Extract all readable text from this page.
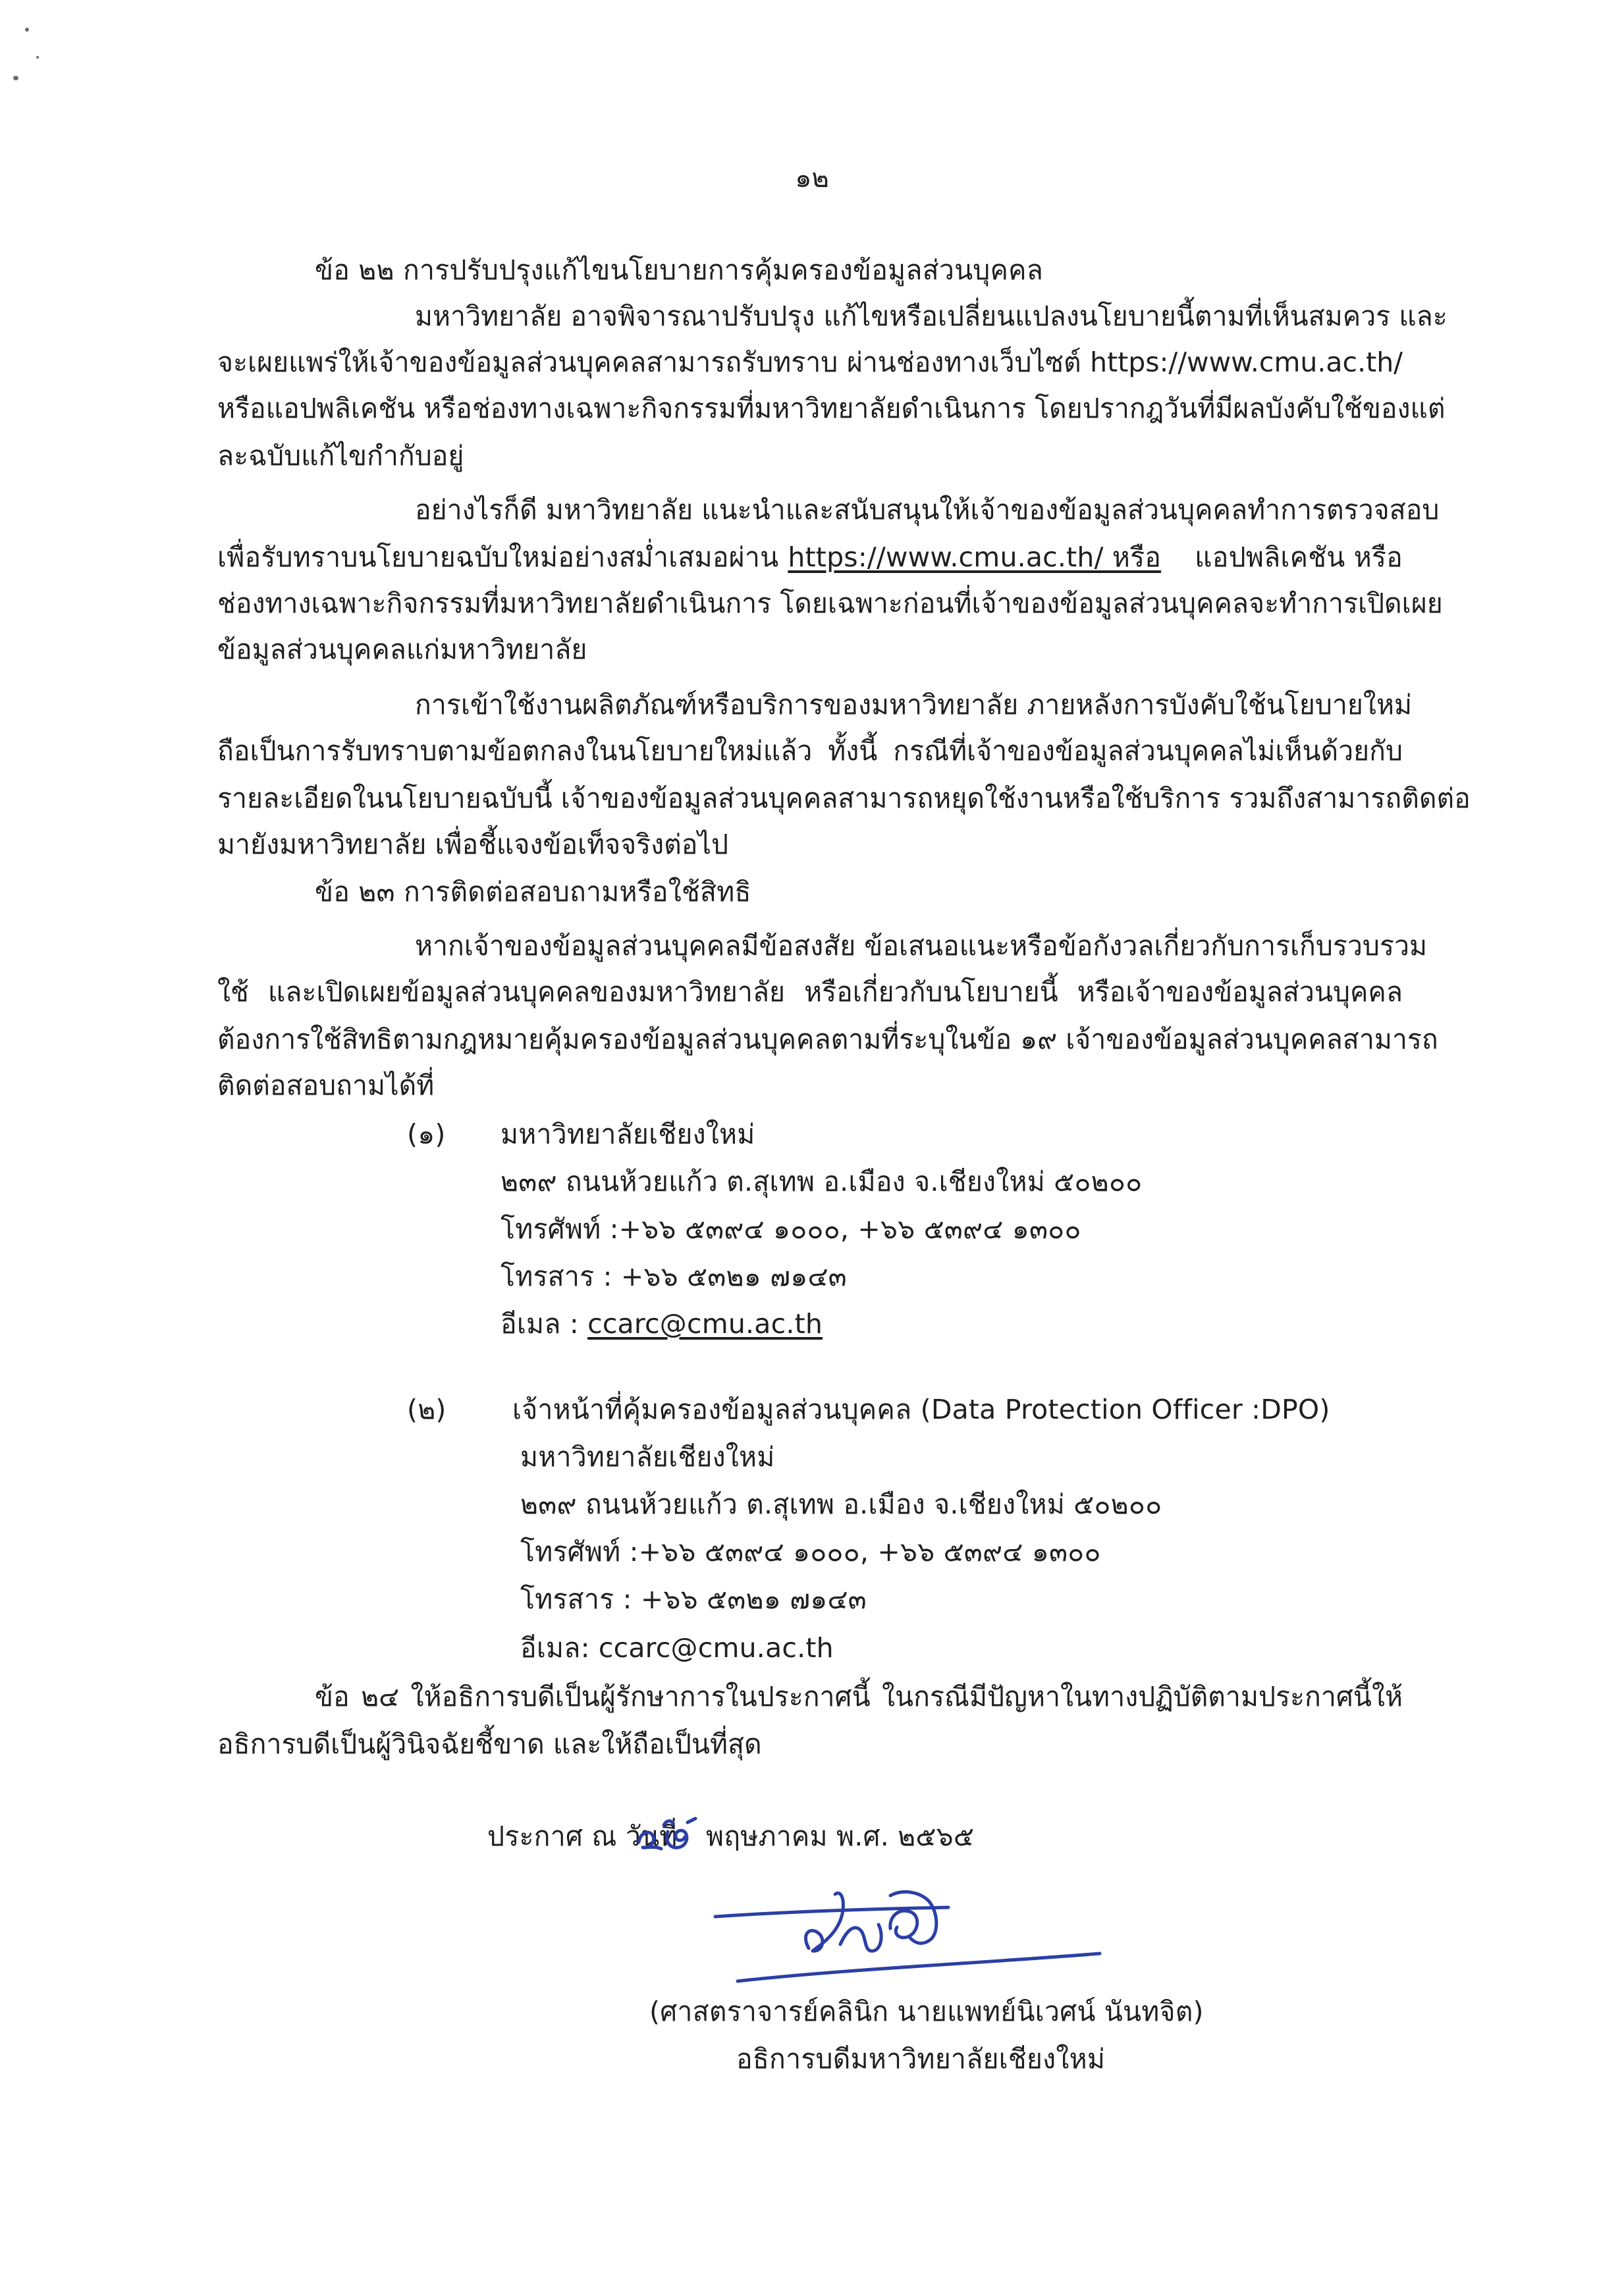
๑๒
ข้อ ๒๒ การปรับปรุงแก้ไขนโยบายการคุ้มครองข้อมูลส่วนบุคคล
มหาวิทยาลัย อาจพิจารณาปรับปรุง แก้ไขหรือเปลี่ยนแปลงนโยบายนี้ตามที่เห็นสมควร และ
จะเผยแพร่ให้เจ้าของข้อมูลส่วนบุคคลสามารถรับทราบ ผ่านช่องทางเว็บไซต์ https://www.cmu.ac.th/
หรือแอปพลิเคชัน หรือช่องทางเฉพาะกิจกรรมที่มหาวิทยาลัยดำเนินการ โดยปรากฎวันที่มีผลบังคับใช้ของแต่
ละฉบับแก้ไขกำกับอยู่
อย่างไรก็ดี มหาวิทยาลัย แนะนำและสนับสนุนให้เจ้าของข้อมูลส่วนบุคคลทำการตรวจสอบ
เพื่อรับทราบนโยบายฉบับใหม่อย่างสม่ำเสมอผ่าน https://www.cmu.ac.th/ หรือ แอปพลิเคชัน หรือ
ช่องทางเฉพาะกิจกรรมที่มหาวิทยาลัยดำเนินการ โดยเฉพาะก่อนที่เจ้าของข้อมูลส่วนบุคคลจะทำการเปิดเผย
ข้อมูลส่วนบุคคลแก่มหาวิทยาลัย
การเข้าใช้งานผลิตภัณฑ์หรือบริการของมหาวิทยาลัย ภายหลังการบังคับใช้นโยบายใหม่
ถือเป็นการรับทราบตามข้อตกลงในนโยบายใหม่แล้ว ทั้งนี้ กรณีที่เจ้าของข้อมูลส่วนบุคคลไม่เห็นด้วยกับ
รายละเอียดในนโยบายฉบับนี้ เจ้าของข้อมูลส่วนบุคคลสามารถหยุดใช้งานหรือใช้บริการ รวมถึงสามารถติดต่อ
มายังมหาวิทยาลัย เพื่อชี้แจงข้อเท็จจริงต่อไป
ข้อ ๒๓ การติดต่อสอบถามหรือใช้สิทธิ
หากเจ้าของข้อมูลส่วนบุคคลมีข้อสงสัย ข้อเสนอแนะหรือข้อกังวลเกี่ยวกับการเก็บรวบรวม
ใช้ และเปิดเผยข้อมูลส่วนบุคคลของมหาวิทยาลัย หรือเกี่ยวกับนโยบายนี้ หรือเจ้าของข้อมูลส่วนบุคคล
ต้องการใช้สิทธิตามกฎหมายคุ้มครองข้อมูลส่วนบุคคลตามที่ระบุในข้อ ๑๙ เจ้าของข้อมูลส่วนบุคคลสามารถ
ติดต่อสอบถามได้ที่
(๑) มหาวิทยาลัยเชียงใหม่
๒๓๙ ถนนห้วยแก้ว ต.สุเทพ อ.เมือง จ.เชียงใหม่ ๕๐๒๐๐
โทรศัพท์ :+๖๖ ๕๓๙๔ ๑๐๐๐, +๖๖ ๕๓๙๔ ๑๓๐๐
โทรสาร : +๖๖ ๕๓๒๑ ๗๑๔๓
อีเมล : ccarc@cmu.ac.th
(๒) เจ้าหน้าที่คุ้มครองข้อมูลส่วนบุคคล (Data Protection Officer :DPO)
มหาวิทยาลัยเชียงใหม่
๒๓๙ ถนนห้วยแก้ว ต.สุเทพ อ.เมือง จ.เชียงใหม่ ๕๐๒๐๐
โทรศัพท์ :+๖๖ ๕๓๙๔ ๑๐๐๐, +๖๖ ๕๓๙๔ ๑๓๐๐
โทรสาร : +๖๖ ๕๓๒๑ ๗๑๔๓
อีเมล: ccarc@cmu.ac.th
ข้อ ๒๔ ให้อธิการบดีเป็นผู้รักษาการในประกาศนี้ ในกรณีมีปัญหาในทางปฏิบัติตามประกาศนี้ให้
อธิการบดีเป็นผู้วินิจฉัยชี้ขาด และให้ถือเป็นที่สุด
ประกาศ ณ วันที่ พฤษภาคม พ.ศ. ๒๕๖๕
(ศาสตราจารย์คลินิก นายแพทย์นิเวศน์ นันทจิต)
อธิการบดีมหาวิทยาลัยเชียงใหม่
